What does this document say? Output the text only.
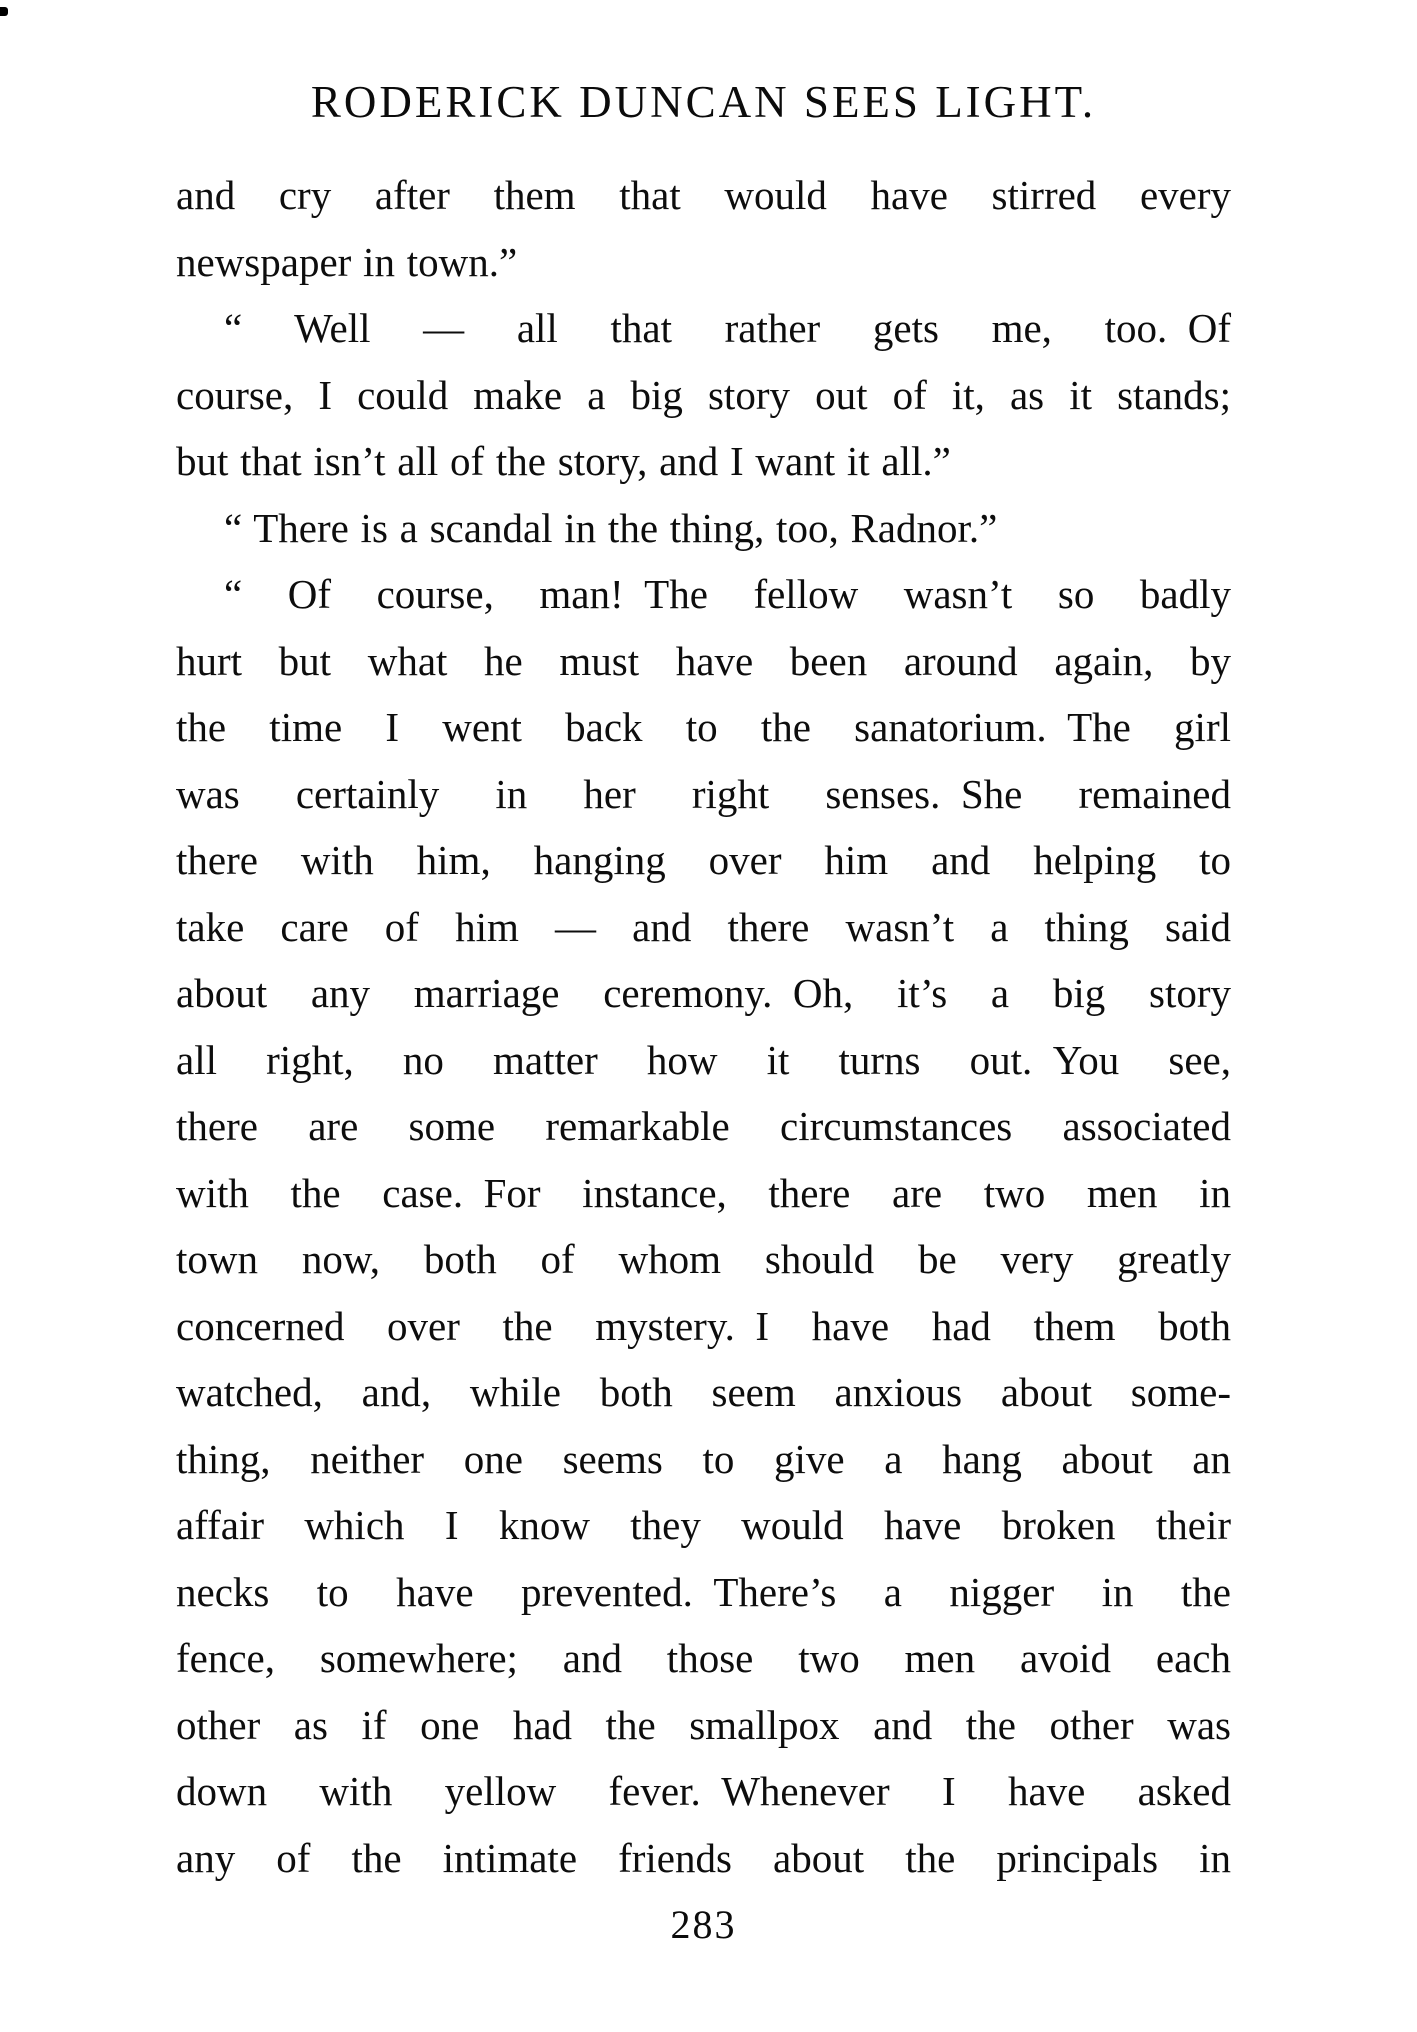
RODERICK DUNCAN SEES LIGHT.
and cry after them that would have stirred every
newspaper in town.”
“ Well — all that rather gets me, too. Of
course, I could make a big story out of it, as it stands;
but that isn’t all of the story, and I want it all.”
“ There is a scandal in the thing, too, Radnor.”
“ Of course, man! The fellow wasn’t so badly
hurt but what he must have been around again, by
the time I went back to the sanatorium. The girl
was certainly in her right senses. She remained
there with him, hanging over him and helping to
take care of him — and there wasn’t a thing said
about any marriage ceremony. Oh, it’s a big story
all right, no matter how it turns out. You see,
there are some remarkable circumstances associated
with the case. For instance, there are two men in
town now, both of whom should be very greatly
concerned over the mystery. I have had them both
watched, and, while both seem anxious about some-
thing, neither one seems to give a hang about an
affair which I know they would have broken their
necks to have prevented. There’s a nigger in the
fence, somewhere; and those two men avoid each
other as if one had the smallpox and the other was
down with yellow fever. Whenever I have asked
any of the intimate friends about the principals in
283
